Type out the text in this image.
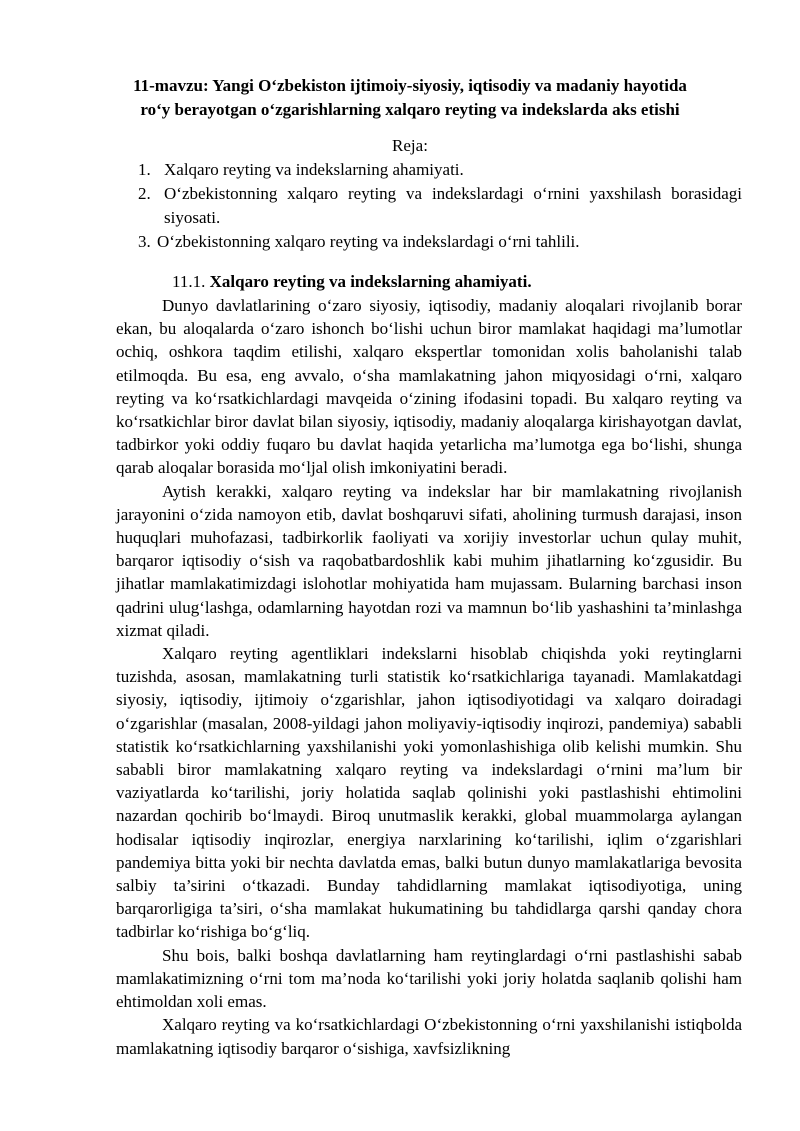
11-mavzu: Yangi O‘zbekiston ijtimoiy-siyosiy, iqtisodiy va madaniy hayotida
ro‘y berayotgan o‘zgarishlarning xalqaro reyting va indekslarda aks etishi

Reja:

1. Xalqaro reyting va indekslarning ahamiyati.
2. O‘zbekistonning xalqaro reyting va indekslardagi o‘rnini yaxshilash borasidagi siyosati.
3. O‘zbekistonning xalqaro reyting va indekslardagi o‘rni tahlili.

11.1. Xalqaro reyting va indekslarning ahamiyati.

Dunyo davlatlarining o‘zaro siyosiy, iqtisodiy, madaniy aloqalari rivojlanib borar ekan, bu aloqalarda o‘zaro ishonch bo‘lishi uchun biror mamlakat haqidagi ma’lumotlar ochiq, oshkora taqdim etilishi, xalqaro ekspertlar tomonidan xolis baholanishi talab etilmoqda. Bu esa, eng avvalo, o‘sha mamlakatning jahon miqyosidagi o‘rni, xalqaro reyting va ko‘rsatkichlardagi mavqeida o‘zining ifodasini topadi. Bu xalqaro reyting va ko‘rsatkichlar biror davlat bilan siyosiy, iqtisodiy, madaniy aloqalarga kirishayotgan davlat, tadbirkor yoki oddiy fuqaro bu davlat haqida yetarlicha ma’lumotga ega bo‘lishi, shunga qarab aloqalar borasida mo‘ljal olish imkoniyatini beradi.

Aytish kerakki, xalqaro reyting va indekslar har bir mamlakatning rivojlanish jarayonini o‘zida namoyon etib, davlat boshqaruvi sifati, aholining turmush darajasi, inson huquqlari muhofazasi, tadbirkorlik faoliyati va xorijiy investorlar uchun qulay muhit, barqaror iqtisodiy o‘sish va raqobatbardoshlik kabi muhim jihatlarning ko‘zgusidir. Bu jihatlar mamlakatimizdagi islohotlar mohiyatida ham mujassam. Bularning barchasi inson qadrini ulug‘lashga, odamlarning hayotdan rozi va mamnun bo‘lib yashashini ta’minlashga xizmat qiladi.

Xalqaro reyting agentliklari indekslarni hisoblab chiqishda yoki reytinglarni tuzishda, asosan, mamlakatning turli statistik ko‘rsatkichlariga tayanadi. Mamlakatdagi siyosiy, iqtisodiy, ijtimoiy o‘zgarishlar, jahon iqtisodiyotidagi va xalqaro doiradagi o‘zgarishlar (masalan, 2008-yildagi jahon moliyaviy-iqtisodiy inqirozi, pandemiya) sababli statistik ko‘rsatkichlarning yaxshilanishi yoki yomonlashishiga olib kelishi mumkin. Shu sababli biror mamlakatning xalqaro reyting va indekslardagi o‘rnini ma’lum bir vaziyatlarda ko‘tarilishi, joriy holatida saqlab qolinishi yoki pastlashishi ehtimolini nazardan qochirib bo‘lmaydi. Biroq unutmaslik kerakki, global muammolarga aylangan hodisalar iqtisodiy inqirozlar, energiya narxlarining ko‘tarilishi, iqlim o‘zgarishlari pandemiya bitta yoki bir nechta davlatda emas, balki butun dunyo mamlakatlariga bevosita salbiy ta’sirini o‘tkazadi. Bunday tahdidlarning mamlakat iqtisodiyotiga, uning barqarorligiga ta’siri, o‘sha mamlakat hukumatining bu tahdidlarga qarshi qanday chora tadbirlar ko‘rishiga bo‘g‘liq.

Shu bois, balki boshqa davlatlarning ham reytinglardagi o‘rni pastlashishi sabab mamlakatimizning o‘rni tom ma’noda ko‘tarilishi yoki joriy holatda saqlanib qolishi ham ehtimoldan xoli emas.

Xalqaro reyting va ko‘rsatkichlardagi O‘zbekistonning o‘rni yaxshilanishi istiqbolda mamlakatning iqtisodiy barqaror o‘sishiga, xavfsizlikning
